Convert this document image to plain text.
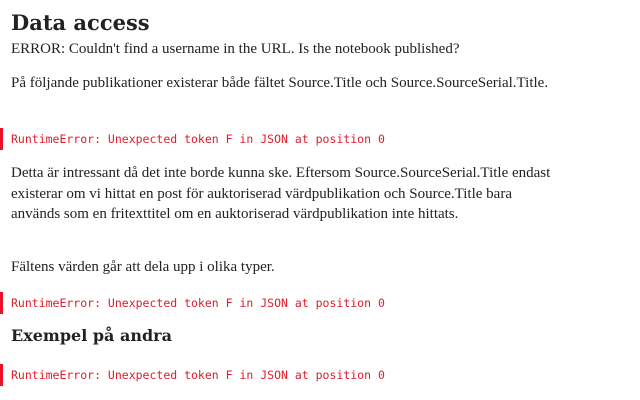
Data access

ERROR: Couldn't find a username in the URL. Is the notebook published?

På följande publikationer existerar både fältet Source.Title och Source.SourceSerial.Title.

RuntimeError: Unexpected token F in JSON at position 0

Detta är intressant då det inte borde kunna ske. Eftersom Source.SourceSerial.Title endast existerar om vi hittat en post för auktoriserad värdpublikation och Source.Title bara används som en fritexttitel om en auktoriserad värdpublikation inte hittats.

Fältens värden går att dela upp i olika typer.

RuntimeError: Unexpected token F in JSON at position 0
Exempel på andra
RuntimeError: Unexpected token F in JSON at position 0
